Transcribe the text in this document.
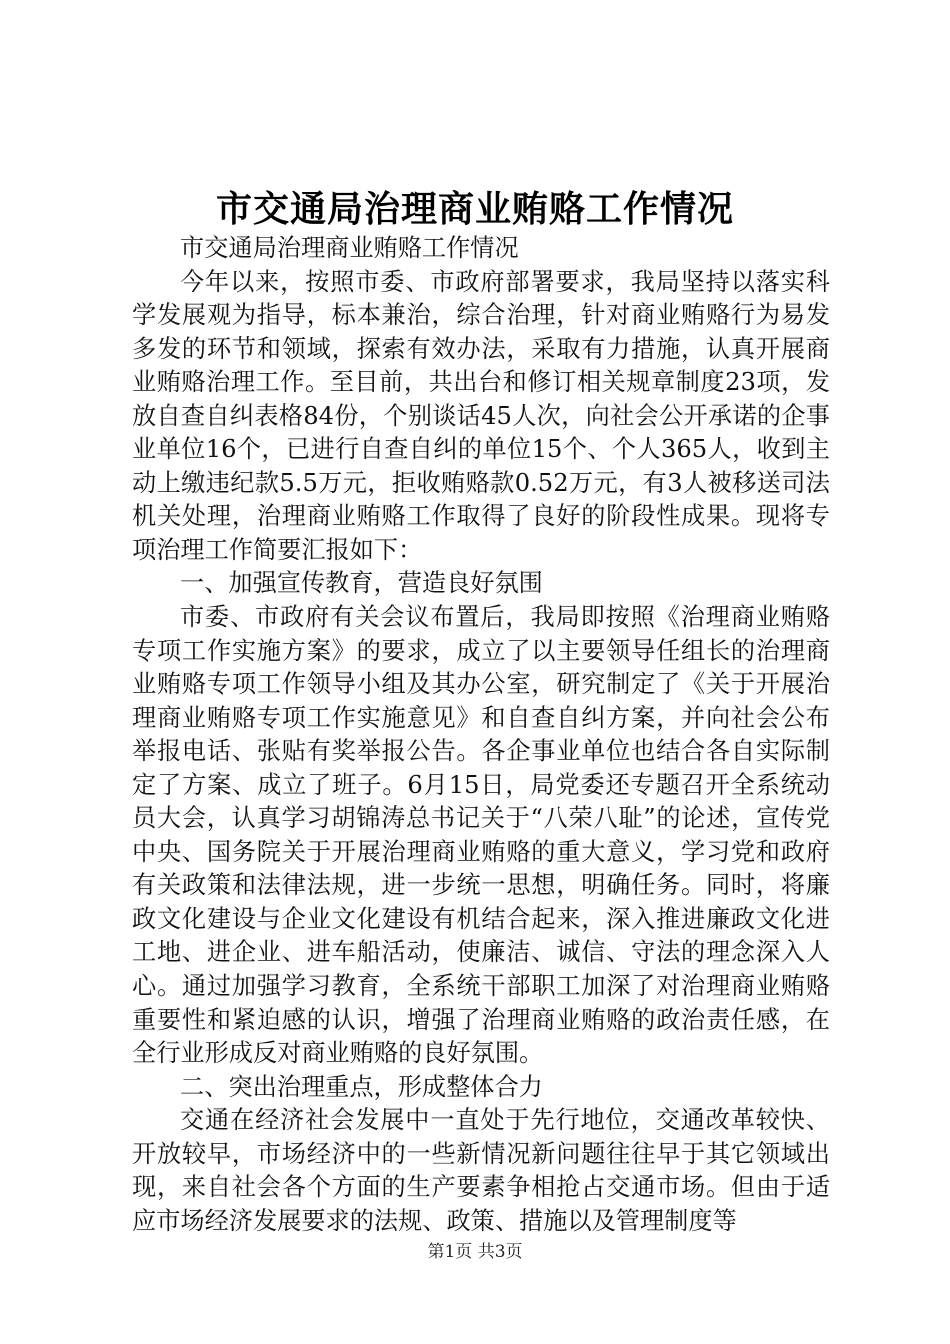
市交通局治理商业贿赂工作情况

市交通局治理商业贿赂工作情况

今年以来，按照市委、市政府部署要求，我局坚持以落实科学发展观为指导，标本兼治，综合治理，针对商业贿赂行为易发多发的环节和领域，探索有效办法，采取有力措施，认真开展商业贿赂治理工作。至目前，共出台和修订相关规章制度23项，发放自查自纠表格84份，个别谈话45人次，向社会公开承诺的企事业单位16个，已进行自查自纠的单位15个、个人365人，收到主动上缴违纪款5.5万元，拒收贿赂款0.52万元，有3人被移送司法机关处理，治理商业贿赂工作取得了良好的阶段性成果。现将专项治理工作简要汇报如下：

一、加强宣传教育，营造良好氛围

市委、市政府有关会议布置后，我局即按照《治理商业贿赂专项工作实施方案》的要求，成立了以主要领导任组长的治理商业贿赂专项工作领导小组及其办公室，研究制定了《关于开展治理商业贿赂专项工作实施意见》和自查自纠方案，并向社会公布举报电话、张贴有奖举报公告。各企事业单位也结合各自实际制定了方案、成立了班子。6月15日，局党委还专题召开全系统动员大会，认真学习胡锦涛总书记关于“八荣八耻”的论述，宣传党中央、国务院关于开展治理商业贿赂的重大意义，学习党和政府有关政策和法律法规，进一步统一思想，明确任务。同时，将廉政文化建设与企业文化建设有机结合起来，深入推进廉政文化进工地、进企业、进车船活动，使廉洁、诚信、守法的理念深入人心。通过加强学习教育，全系统干部职工加深了对治理商业贿赂重要性和紧迫感的认识，增强了治理商业贿赂的政治责任感，在全行业形成反对商业贿赂的良好氛围。

二、突出治理重点，形成整体合力

交通在经济社会发展中一直处于先行地位，交通改革较快、开放较早，市场经济中的一些新情况新问题往往早于其它领域出现，来自社会各个方面的生产要素争相抢占交通市场。但由于适应市场经济发展要求的法规、政策、措施以及管理制度等

第1页 共3页
